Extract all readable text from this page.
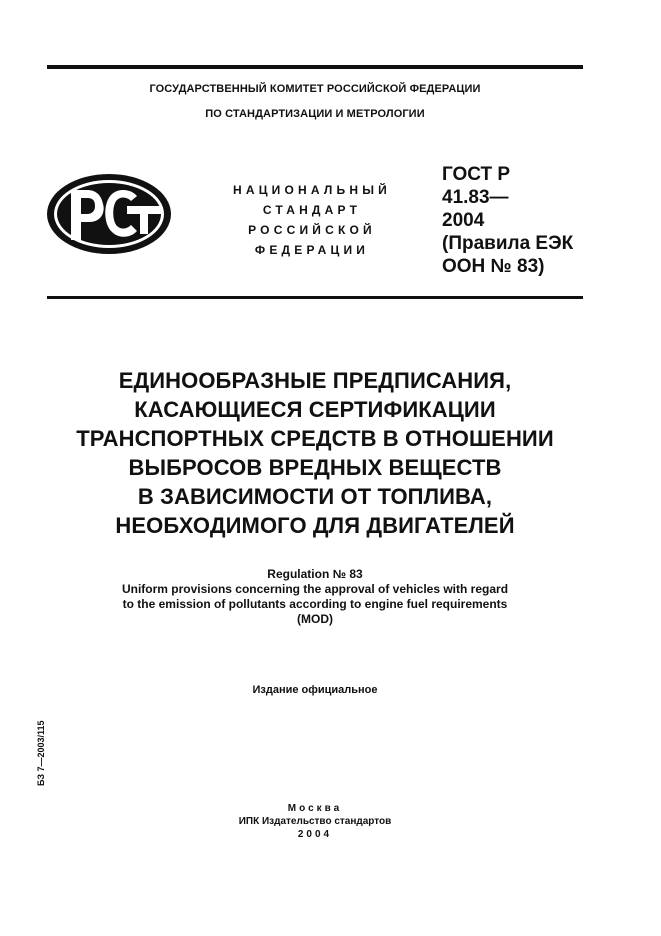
ГОСУДАРСТВЕННЫЙ КОМИТЕТ РОССИЙСКОЙ ФЕДЕРАЦИИ
ПО СТАНДАРТИЗАЦИИ И МЕТРОЛОГИИ
НАЦИОНАЛЬНЫЙ
СТАНДАРТ
РОССИЙСКОЙ
ФЕДЕРАЦИИ
ГОСТ Р
41.83—
2004
(Правила ЕЭК
ООН № 83)
ЕДИНООБРАЗНЫЕ ПРЕДПИСАНИЯ,
КАСАЮЩИЕСЯ СЕРТИФИКАЦИИ
ТРАНСПОРТНЫХ СРЕДСТВ В ОТНОШЕНИИ
ВЫБРОСОВ ВРЕДНЫХ ВЕЩЕСТВ
В ЗАВИСИМОСТИ ОТ ТОПЛИВА,
НЕОБХОДИМОГО ДЛЯ ДВИГАТЕЛЕЙ
Regulation № 83
Uniform provisions concerning the approval of vehicles with regard
to the emission of pollutants according to engine fuel requirements
(MOD)
Издание официальное
БЗ 7—2003/115
Москва
ИПК Издательство стандартов
2004
